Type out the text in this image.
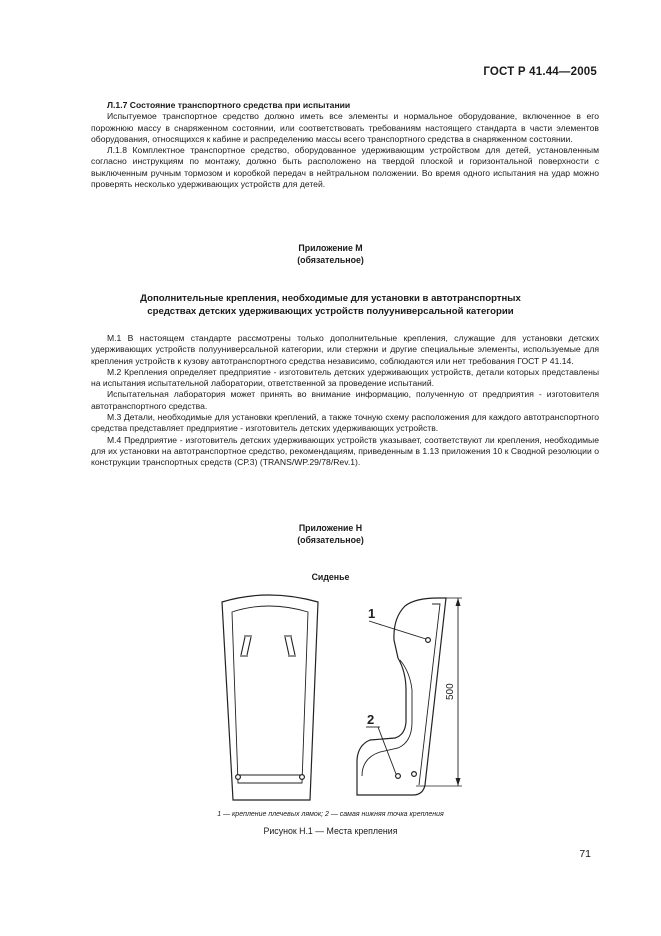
ГОСТ Р 41.44—2005

Л.1.7 Состояние транспортного средства при испытании

Испытуемое транспортное средство должно иметь все элементы и нормальное оборудование, включенное в его порожнюю массу в снаряженном состоянии, или соответствовать требованиям настоящего стандарта в части элементов оборудования, относящихся к кабине и распределению массы всего транспортного средства в снаряженном состоянии.

Л.1.8 Комплектное транспортное средство, оборудованное удерживающим устройством для детей, установленным согласно инструкциям по монтажу, должно быть расположено на твердой плоской и горизонтальной поверхности с выключенным ручным тормозом и коробкой передач в нейтральном положении. Во время одного испытания на удар можно проверять несколько удерживающих устройств для детей.

Приложение М
(обязательное)
Дополнительные крепления, необходимые для установки в автотранспортных
средствах детских удерживающих устройств полууниверсальной категории

М.1 В настоящем стандарте рассмотрены только дополнительные крепления, служащие для установки детских удерживающих устройств полууниверсальной категории, или стержни и другие специальные элементы, используемые для крепления устройств к кузову автотранспортного средства независимо, соблюдаются или нет требования ГОСТ Р 41.14.

М.2 Крепления определяет предприятие - изготовитель детских удерживающих устройств, детали которых представлены на испытания испытательной лаборатории, ответственной за проведение испытаний.

Испытательная лаборатория может принять во внимание информацию, полученную от предприятия - изготовителя автотранспортного средства.

М.3 Детали, необходимые для установки креплений, а также точную схему расположения для каждого автотранспортного средства представляет предприятие - изготовитель детских удерживающих устройств.

М.4 Предприятие - изготовитель детских удерживающих устройств указывает, соответствуют ли крепления, необходимые для их установки на автотранспортное средство, рекомендациям, приведенным в 1.13 приложения 10 к Сводной резолюции о конструкции транспортных средств (СР.3) (TRANS/WP.29/78/Rev.1).

Приложение Н
(обязательное)
Сиденье
1
2
500
1 — крепление плечевых лямок; 2 — самая нижняя точка крепления
Рисунок Н.1 — Места крепления
71
